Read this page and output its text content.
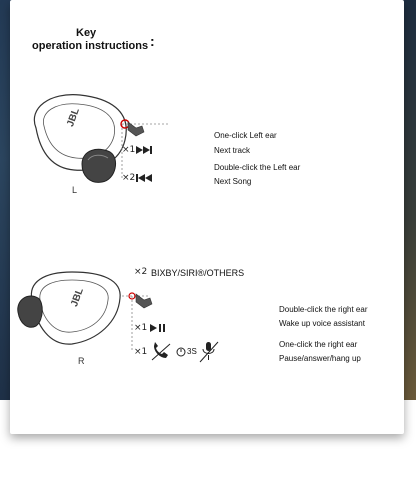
Key
operation instructions :
JBL
JBL
L
×1
×2
One-click Left ear
Next track
Double-click the Left ear
Next Song
R
×2 BIXBY/SIRI®/OTHERS
×1
×1	3S
Double-click the right ear
Wake up voice assistant
One-click the right ear
Pause/answer/hang up
